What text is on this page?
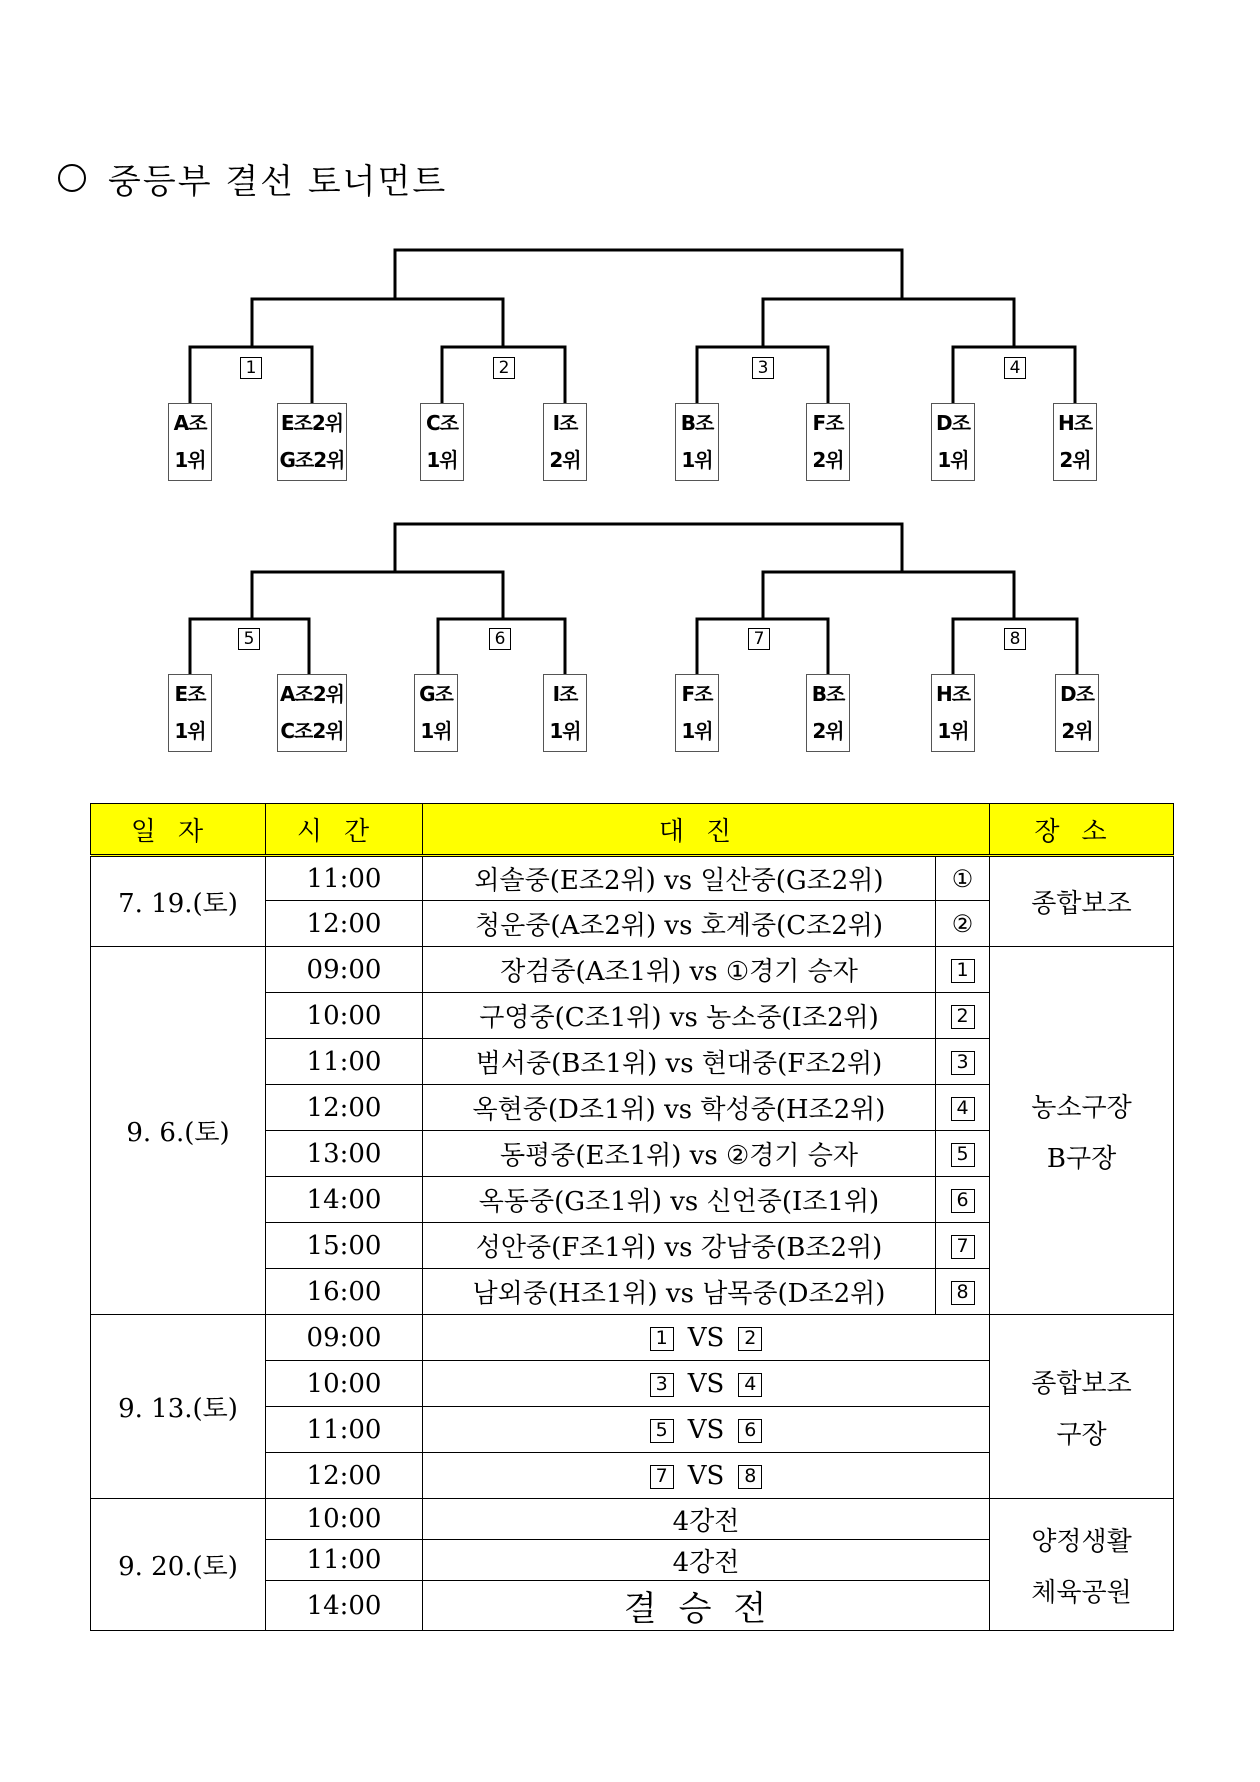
중등부 결선 토너먼트
1	2	3	4
A조
1위
E조2위
G조2위
C조
1위
I조
2위
B조
1위
F조
2위
D조
1위
H조
2위
5	6	7	8
E조
1위
A조2위
C조2위
G조
1위
I조
1위
F조
1위
B조
2위
H조
1위
D조
2위
일자	시간	대진		장소
7. 19.(토)	11:00	외솔중(E조2위) vs 일산중(G조2위)	①	종합보조
	12:00	청운중(A조2위) vs 호계중(C조2위)	②	
9. 6.(토)	09:00	장검중(A조1위) vs ①경기 승자	1	농소구장
B구장

	10:00	구영중(C조1위) vs 농소중(I조2위)	2	
	11:00	범서중(B조1위) vs 현대중(F조2위)	3	
	12:00	옥현중(D조1위) vs 학성중(H조2위)	4	
	13:00	동평중(E조1위) vs ②경기 승자	5	
	14:00	옥동중(G조1위) vs 신언중(I조1위)	6	
	15:00	성안중(F조1위) vs 강남중(B조2위)	7	
	16:00	남외중(H조1위) vs 남목중(D조2위)	8	
9. 13.(토)	09:00	1 VS 2		종합보조
구장

	10:00	3 VS 4		
	11:00	5 VS 6		
	12:00	7 VS 8		
9. 20.(토)	10:00	4강전		양정생활
체육공원

	11:00	4강전		
	14:00	결승전		
